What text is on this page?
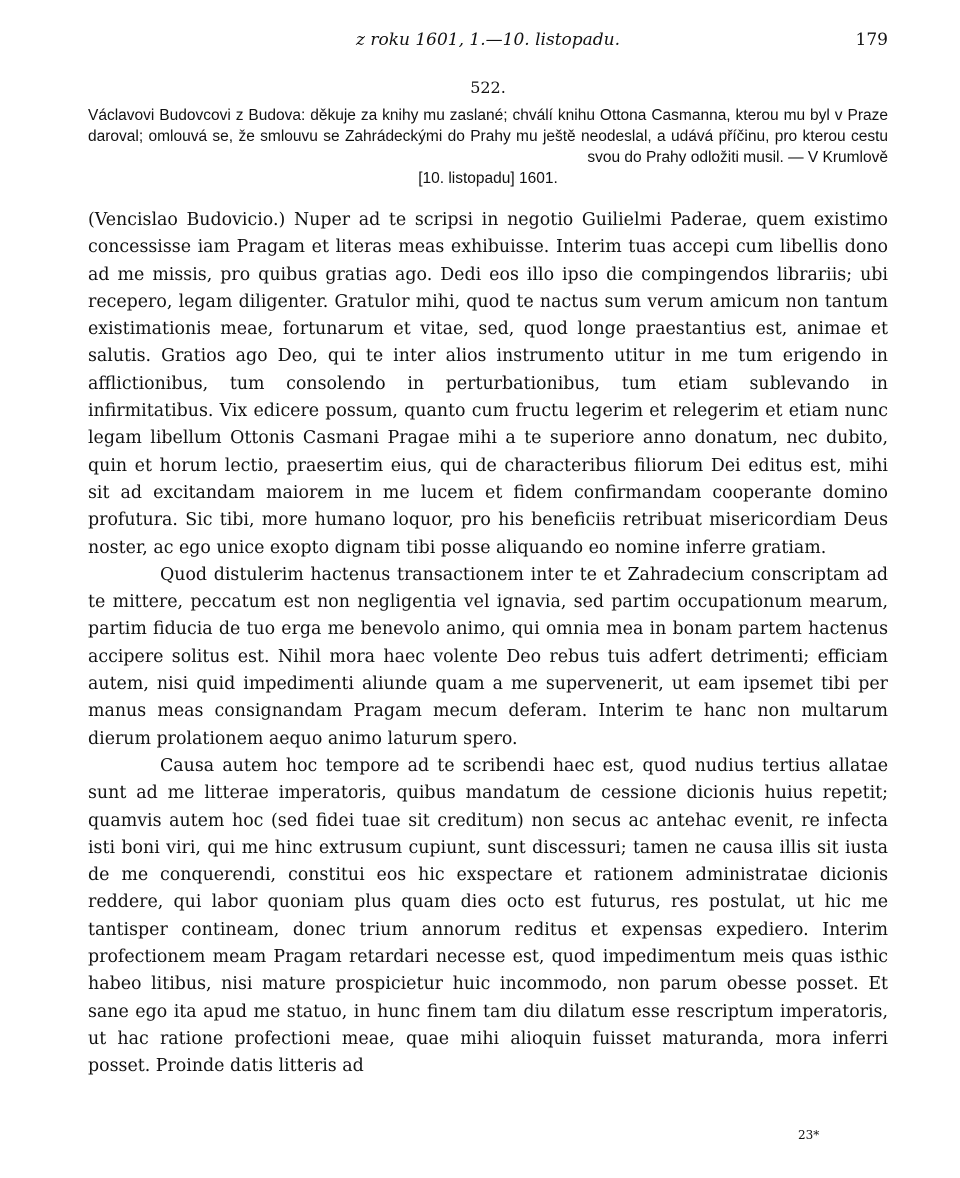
z roku 1601, 1.—10. listopadu.	179
522.
Václavovi Budovcovi z Budova: děkuje za knihy mu zaslané; chválí knihu Ottona Casmanna, kterou mu byl v Praze daroval; omlouvá se, že smlouvu se Zahrádeckými do Prahy mu ještě neodeslal, a udává příčinu, pro kterou cestu svou do Prahy odložiti musil. — V Krumlově
[10. listopadu] 1601.

(Vencislao Budovicio.) Nuper ad te scripsi in negotio Guilielmi Paderae, quem existimo concessisse iam Pragam et literas meas exhibuisse. Interim tuas accepi cum libellis dono ad me missis, pro quibus gratias ago. Dedi eos illo ipso die compingendos librariis; ubi recepero, legam diligenter. Gratulor mihi, quod te nactus sum verum amicum non tantum existimationis meae, fortunarum et vitae, sed, quod longe praestantius est, animae et salutis. Gratios ago Deo, qui te inter alios instrumento utitur in me tum erigendo in afflictionibus, tum consolendo in perturbationibus, tum etiam sublevando in infirmitatibus. Vix edicere possum, quanto cum fructu legerim et relegerim et etiam nunc legam libellum Ottonis Casmani Pragae mihi a te superiore anno donatum, nec dubito, quin et horum lectio, praesertim eius, qui de characteribus filiorum Dei editus est, mihi sit ad excitandam maiorem in me lucem et fidem confirmandam cooperante domino profutura. Sic tibi, more humano loquor, pro his beneficiis retribuat misericordiam Deus noster, ac ego unice exopto dignam tibi posse aliquando eo nomine inferre gratiam.

Quod distulerim hactenus transactionem inter te et Zahradecium conscriptam ad te mittere, peccatum est non negligentia vel ignavia, sed partim occupationum mearum, partim fiducia de tuo erga me benevolo animo, qui omnia mea in bonam partem hactenus accipere solitus est. Nihil mora haec volente Deo rebus tuis adfert detrimenti; efficiam autem, nisi quid impedimenti aliunde quam a me supervenerit, ut eam ipsemet tibi per manus meas consignandam Pragam mecum deferam. Interim te hanc non multarum dierum prolationem aequo animo laturum spero.

Causa autem hoc tempore ad te scribendi haec est, quod nudius tertius allatae sunt ad me litterae imperatoris, quibus mandatum de cessione dicionis huius repetit; quamvis autem hoc (sed fidei tuae sit creditum) non secus ac antehac evenit, re infecta isti boni viri, qui me hinc extrusum cupiunt, sunt discessuri; tamen ne causa illis sit iusta de me conquerendi, constitui eos hic exspectare et rationem administratae dicionis reddere, qui labor quoniam plus quam dies octo est futurus, res postulat, ut hic me tantisper contineam, donec trium annorum reditus et expensas expediero. Interim profectionem meam Pragam retardari necesse est, quod impedimentum meis quas isthic habeo litibus, nisi mature prospicietur huic incommodo, non parum obesse posset. Et sane ego ita apud me statuo, in hunc finem tam diu dilatum esse rescriptum imperatoris, ut hac ratione profectioni meae, quae mihi alioquin fuisset maturanda, mora inferri posset. Proinde datis litteris ad

23*
